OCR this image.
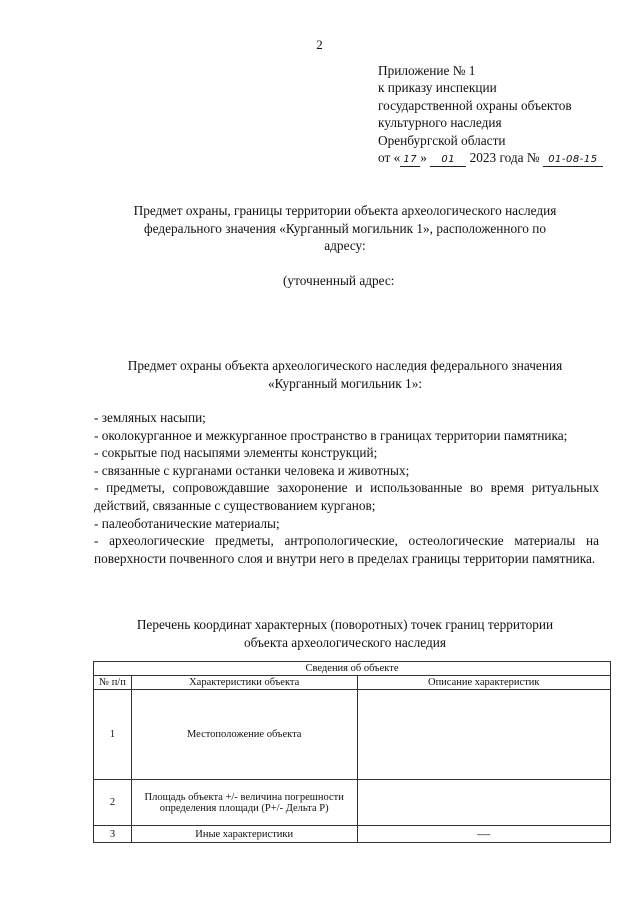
2
Приложение № 1
к приказу инспекции
государственной охраны объектов
культурного наследия
Оренбургской области
от « 17 » 01 2023 года № 01-08-15
Предмет охраны, границы территории объекта археологического наследия
федерального значения «Курганный могильник 1», расположенного по
адресу:
(уточненный адрес:
Предмет охраны объекта археологического наследия федерального значения
«Курганный могильник 1»:
- земляных насыпи;
- околокурганное и межкурганное пространство в границах территории памятника;
- сокрытые под насыпями элементы конструкций;
- связанные с курганами останки человека и животных;
- предметы, сопровождавшие захоронение и использованные во время ритуальных действий, связанные с существованием курганов;
- палеоботанические материалы;
- археологические предметы, антропологические, остеологические материалы на поверхности почвенного слоя и внутри него в пределах границы территории памятника.
Перечень координат характерных (поворотных) точек границ территории
объекта археологического наследия
Сведения об объекте		
№ п/п	Характеристики объекта	Описание характеристик
1	Местоположение объекта	
2	Площадь объекта +/- величина погрешности определения площади (Р+/- Дельта Р)	
3	Иные характеристики	—
